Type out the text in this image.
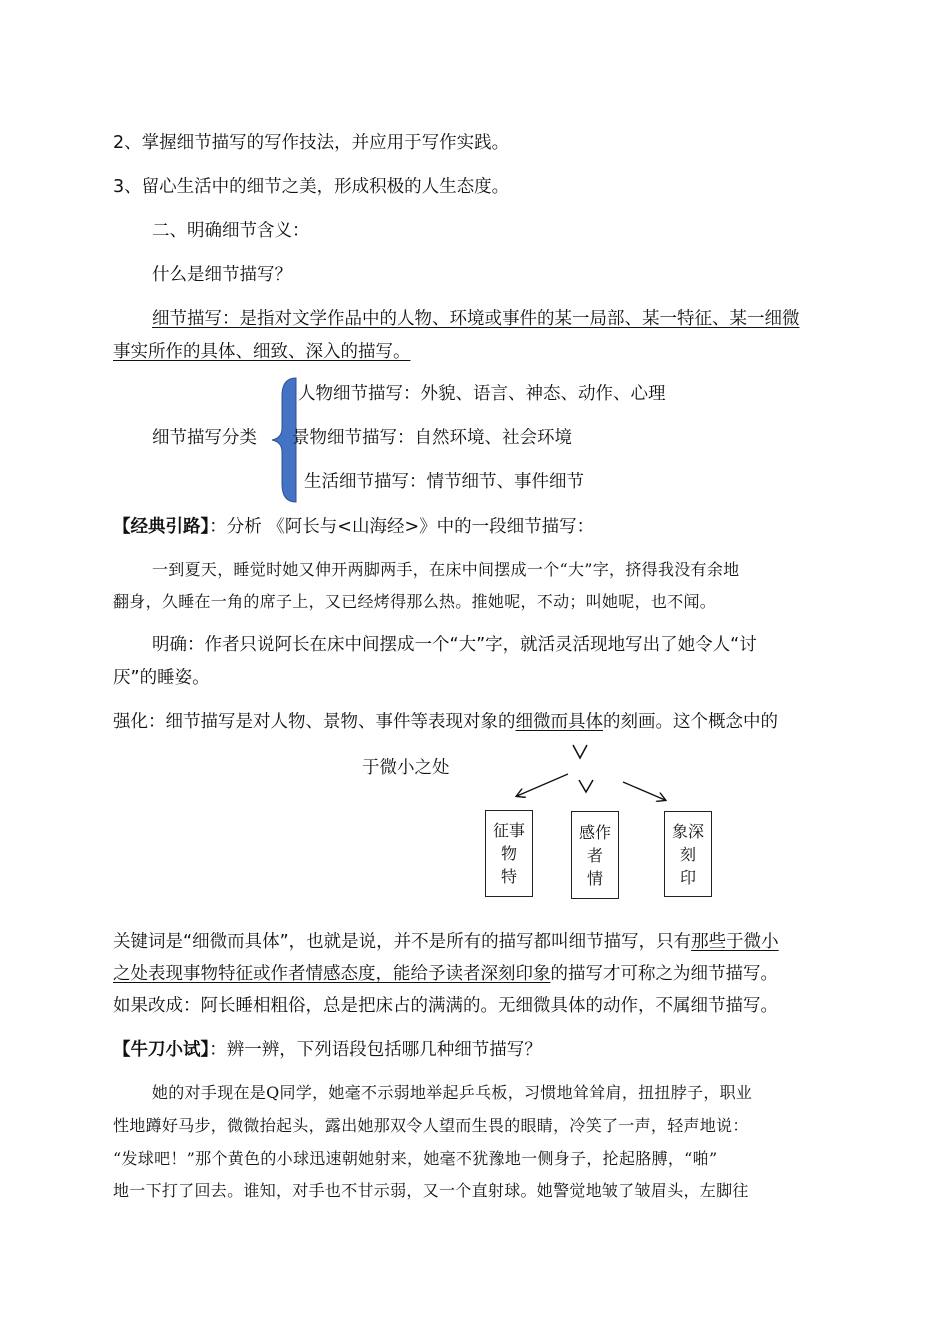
2、掌握细节描写的写作技法，并应用于写作实践。
3、留心生活中的细节之美，形成积极的人生态度。
二、明确细节含义：
什么是细节描写？
细节描写：是指对文学作品中的人物、环境或事件的某一局部、某一特征、某一细微
事实所作的具体、细致、深入的描写。
细节描写分类
人物细节描写：外貌、语言、神态、动作、心理
景物细节描写：自然环境、社会环境
生活细节描写：情节细节、事件细节
【经典引路】：分析 《阿长与<山海经>》中的一段细节描写：
一到夏天，睡觉时她又伸开两脚两手，在床中间摆成一个“大”字，挤得我没有余地
翻身，久睡在一角的席子上，又已经烤得那么热。推她呢，不动；叫她呢，也不闻。
明确：作者只说阿长在床中间摆成一个“大”字，就活灵活现地写出了她令人“讨
厌”的睡姿。
强化：细节描写是对人物、景物、事件等表现对象的细微而具体的刻画。这个概念中的
于微小之处
征事
物
特
感作
者
情
象深
刻
印
关键词是“细微而具体”，也就是说，并不是所有的描写都叫细节描写，只有那些于微小
之处表现事物特征或作者情感态度，能给予读者深刻印象的描写才可称之为细节描写。
如果改成：阿长睡相粗俗，总是把床占的满满的。无细微具体的动作，不属细节描写。
【牛刀小试】：辨一辨，下列语段包括哪几种细节描写？
她的对手现在是Q同学，她毫不示弱地举起乒乓板，习惯地耸耸肩，扭扭脖子，职业
性地蹲好马步，微微抬起头，露出她那双令人望而生畏的眼睛，冷笑了一声，轻声地说：
“发球吧！”那个黄色的小球迅速朝她射来，她毫不犹豫地一侧身子，抡起胳膊，“啪”
地一下打了回去。谁知，对手也不甘示弱，又一个直射球。她警觉地皱了皱眉头，左脚往
